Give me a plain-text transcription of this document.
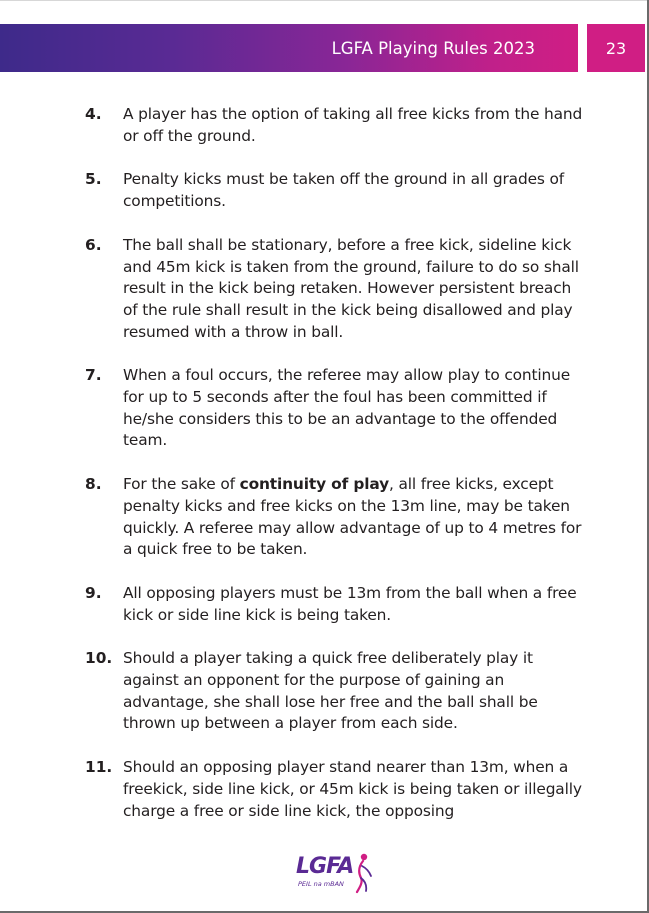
LGFA Playing Rules 2023	23
4.	A player has the option of taking all free kicks from the hand or off the ground.
5.	Penalty kicks must be taken off the ground in all grades of competitions.
6.	The ball shall be stationary, before a free kick, sideline kick and 45m kick is taken from the ground, failure to do so shall result in the kick being retaken. However persistent breach of the rule shall result in the kick being disallowed and play resumed with a throw in ball.
7.	When a foul occurs, the referee may allow play to continue for up to 5 seconds after the foul has been committed if he/she considers this to be an advantage to the offended team.
8.	For the sake of continuity of play, all free kicks, except penalty kicks and free kicks on the 13m line, may be taken quickly. A referee may allow advantage of up to 4 metres for a quick free to be taken.
9.	All opposing players must be 13m from the ball when a free kick or side line kick is being taken.
10. Should a player taking a quick free deliberately play it against an opponent for the purpose of gaining an advantage, she shall lose her free and the ball shall be thrown up between a player from each side.
11. Should an opposing player stand nearer than 13m, when a freekick, side line kick, or 45m kick is being taken or illegally charge a free or side line kick, the opposing
LGFA
PEIL na mBAN
